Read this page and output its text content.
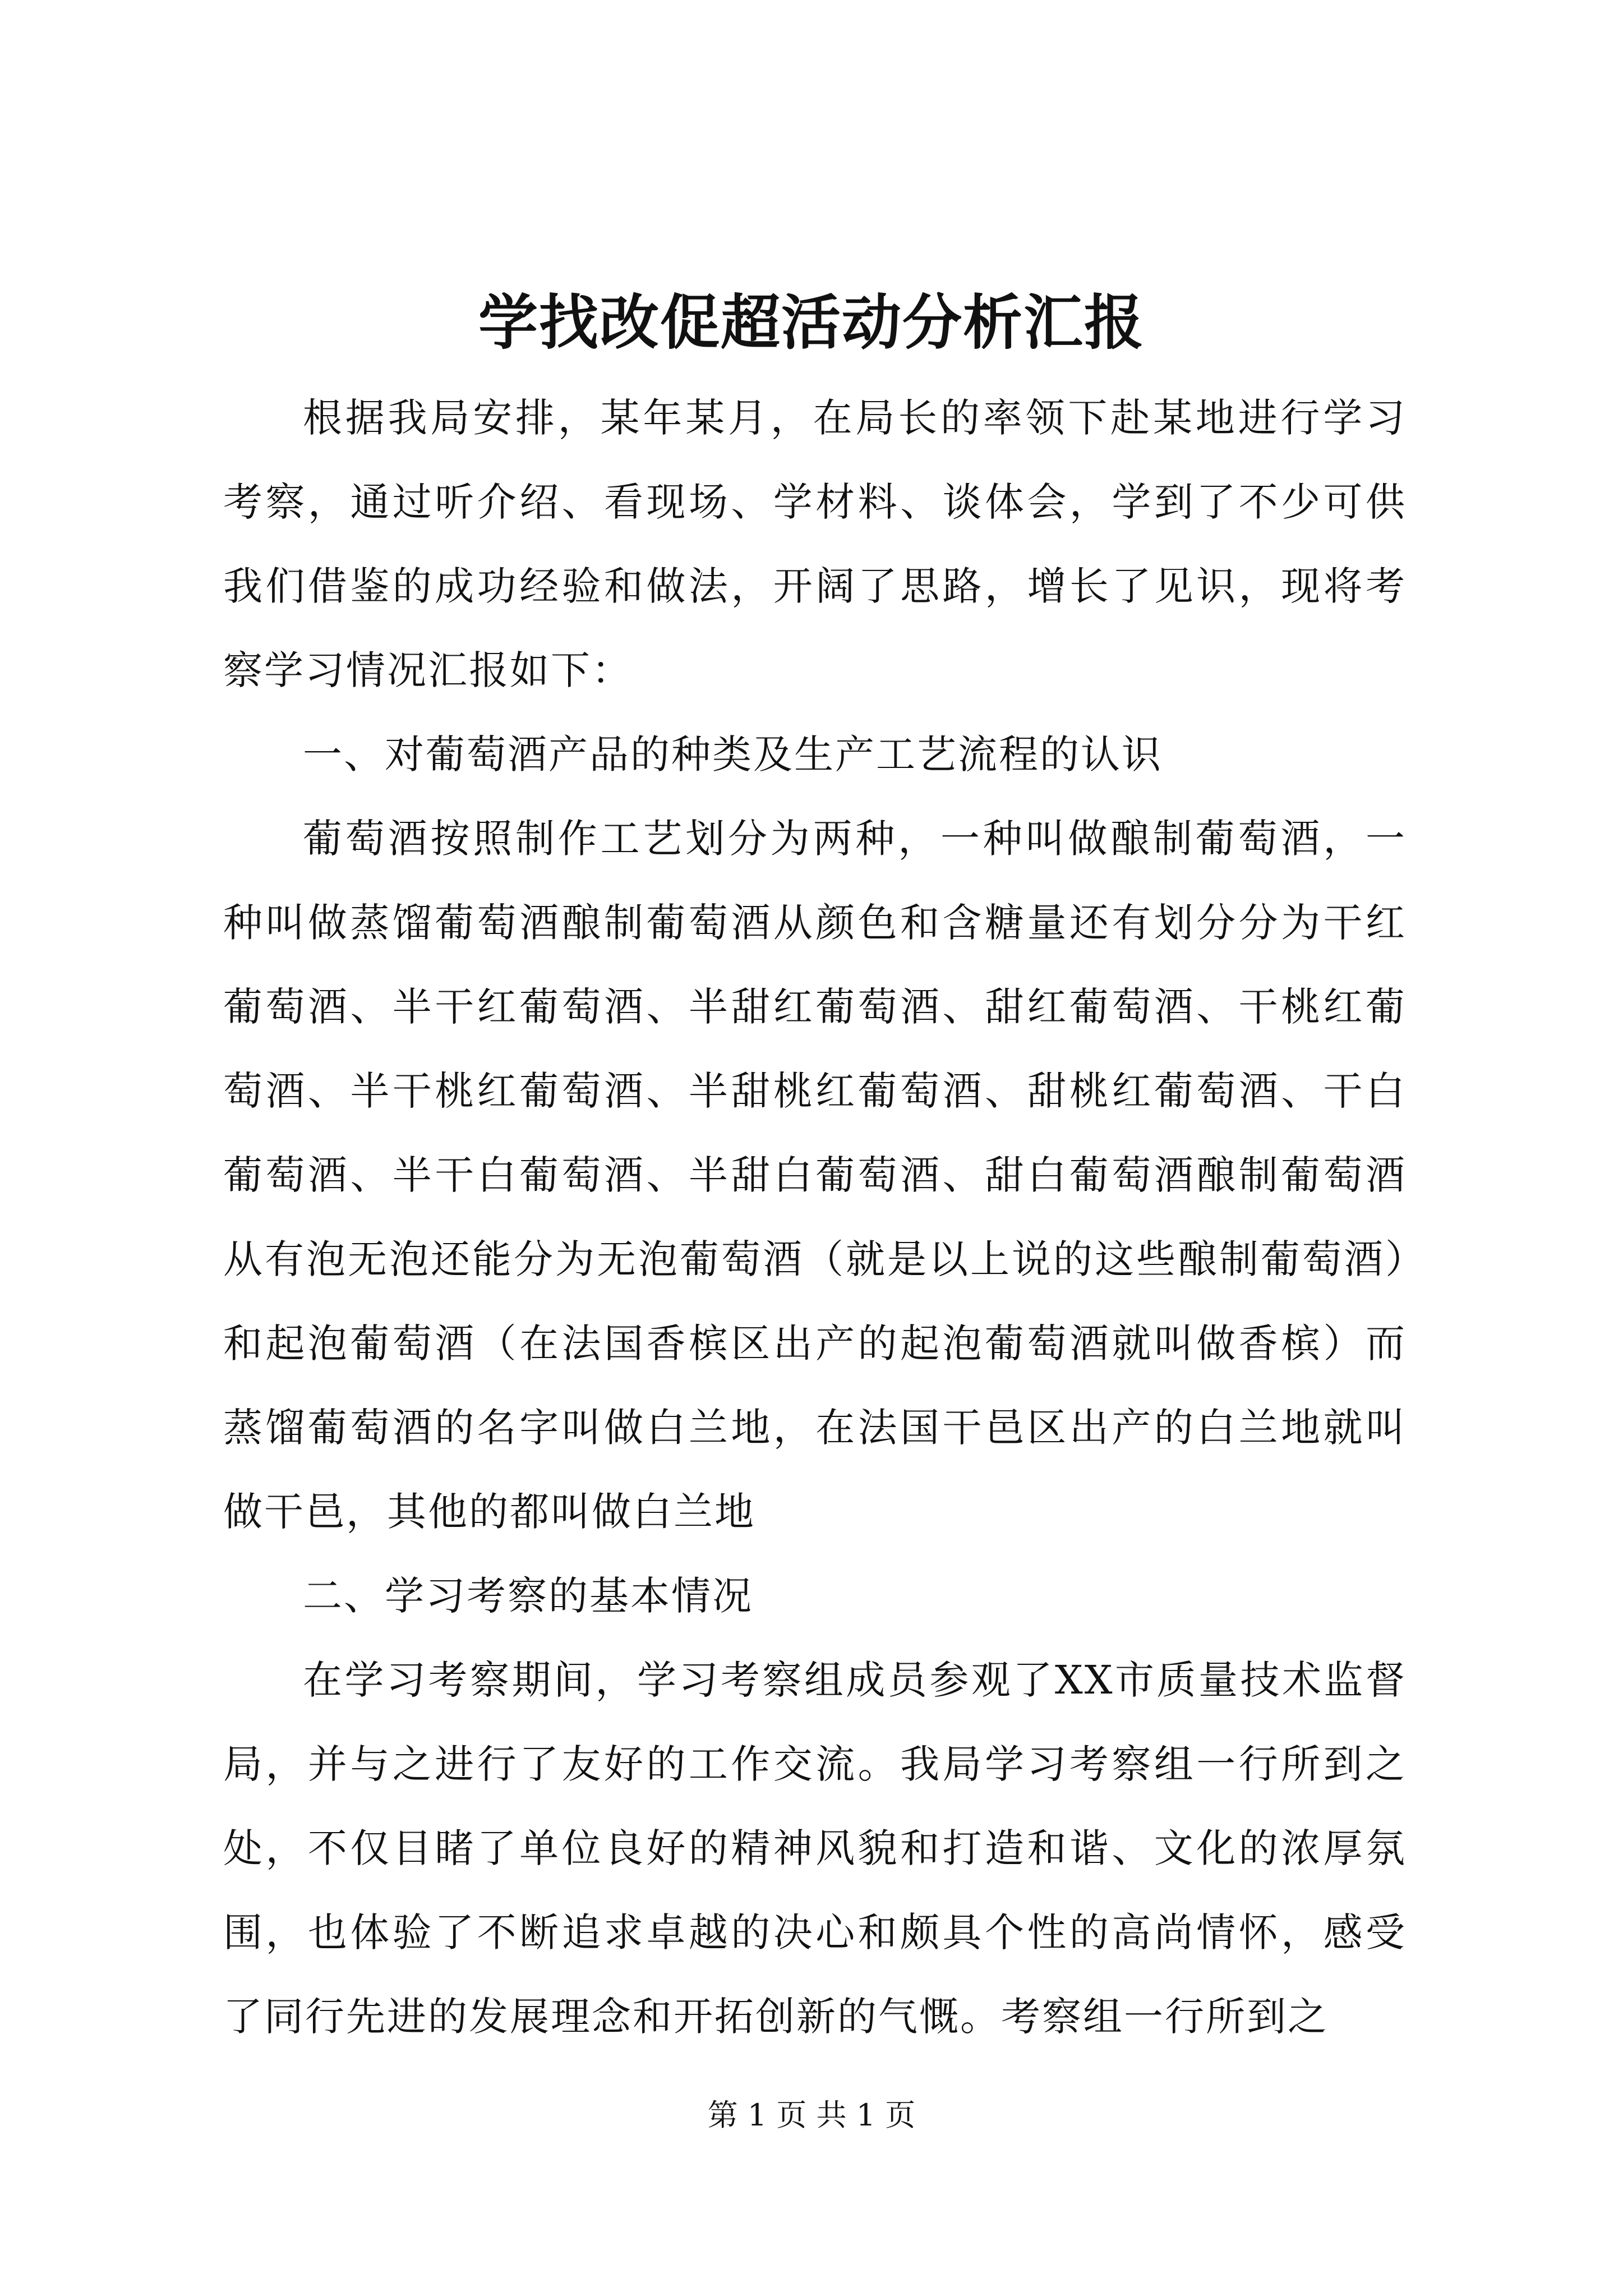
学找改促超活动分析汇报

根据我局安排，某年某月，在局长的率领下赴某地进行学习考察，通过听介绍、看现场、学材料、谈体会，学到了不少可供我们借鉴的成功经验和做法，开阔了思路，增长了见识，现将考察学习情况汇报如下：

一、对葡萄酒产品的种类及生产工艺流程的认识

葡萄酒按照制作工艺划分为两种，一种叫做酿制葡萄酒，一种叫做蒸馏葡萄酒酿制葡萄酒从颜色和含糖量还有划分分为干红葡萄酒、半干红葡萄酒、半甜红葡萄酒、甜红葡萄酒、干桃红葡萄酒、半干桃红葡萄酒、半甜桃红葡萄酒、甜桃红葡萄酒、干白葡萄酒、半干白葡萄酒、半甜白葡萄酒、甜白葡萄酒酿制葡萄酒从有泡无泡还能分为无泡葡萄酒（就是以上说的这些酿制葡萄酒）和起泡葡萄酒（在法国香槟区出产的起泡葡萄酒就叫做香槟）而蒸馏葡萄酒的名字叫做白兰地，在法国干邑区出产的白兰地就叫做干邑，其他的都叫做白兰地

二、学习考察的基本情况

在学习考察期间，学习考察组成员参观了XX市质量技术监督局，并与之进行了友好的工作交流。我局学习考察组一行所到之处，不仅目睹了单位良好的精神风貌和打造和谐、文化的浓厚氛围，也体验了不断追求卓越的决心和颇具个性的高尚情怀，感受了同行先进的发展理念和开拓创新的气慨。考察组一行所到之

第 1 页 共 1 页
